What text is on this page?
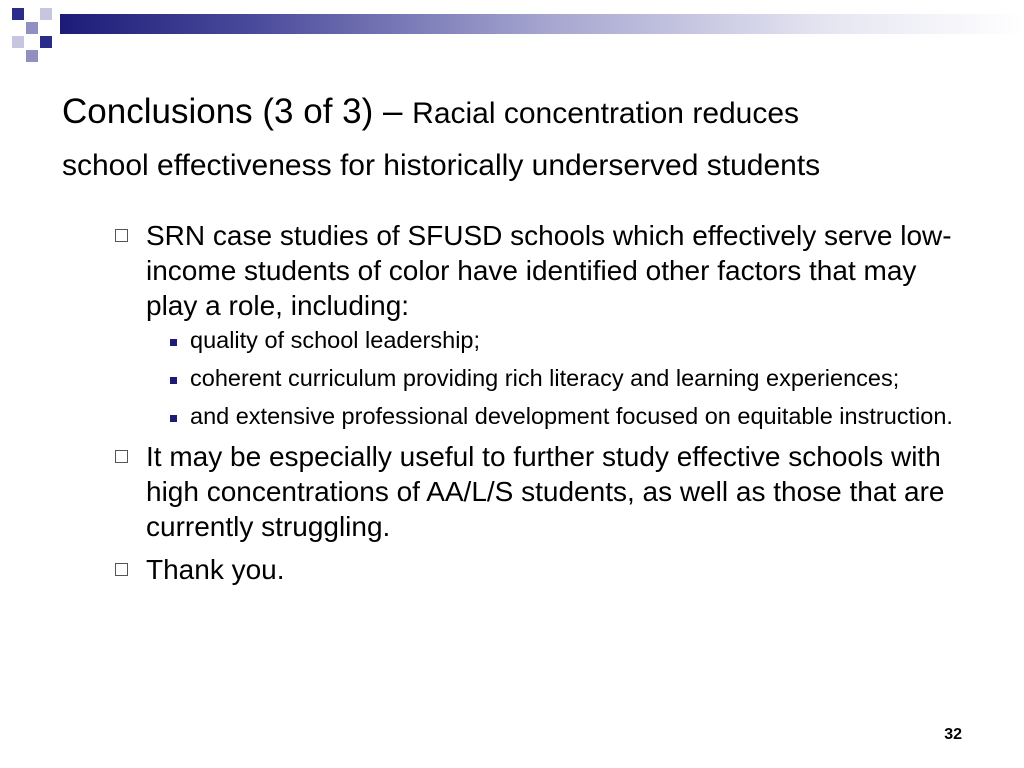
Conclusions (3 of 3) – Racial concentration reduces
school effectiveness for historically underserved students
SRN case studies of SFUSD schools which effectively serve low-income students of color have identified other factors that may play a role, including:
quality of school leadership;
coherent curriculum providing rich literacy and learning experiences;
and extensive professional development focused on equitable instruction.
It may be especially useful to further study effective schools with high concentrations of AA/L/S students, as well as those that are currently struggling.
Thank you.
32
